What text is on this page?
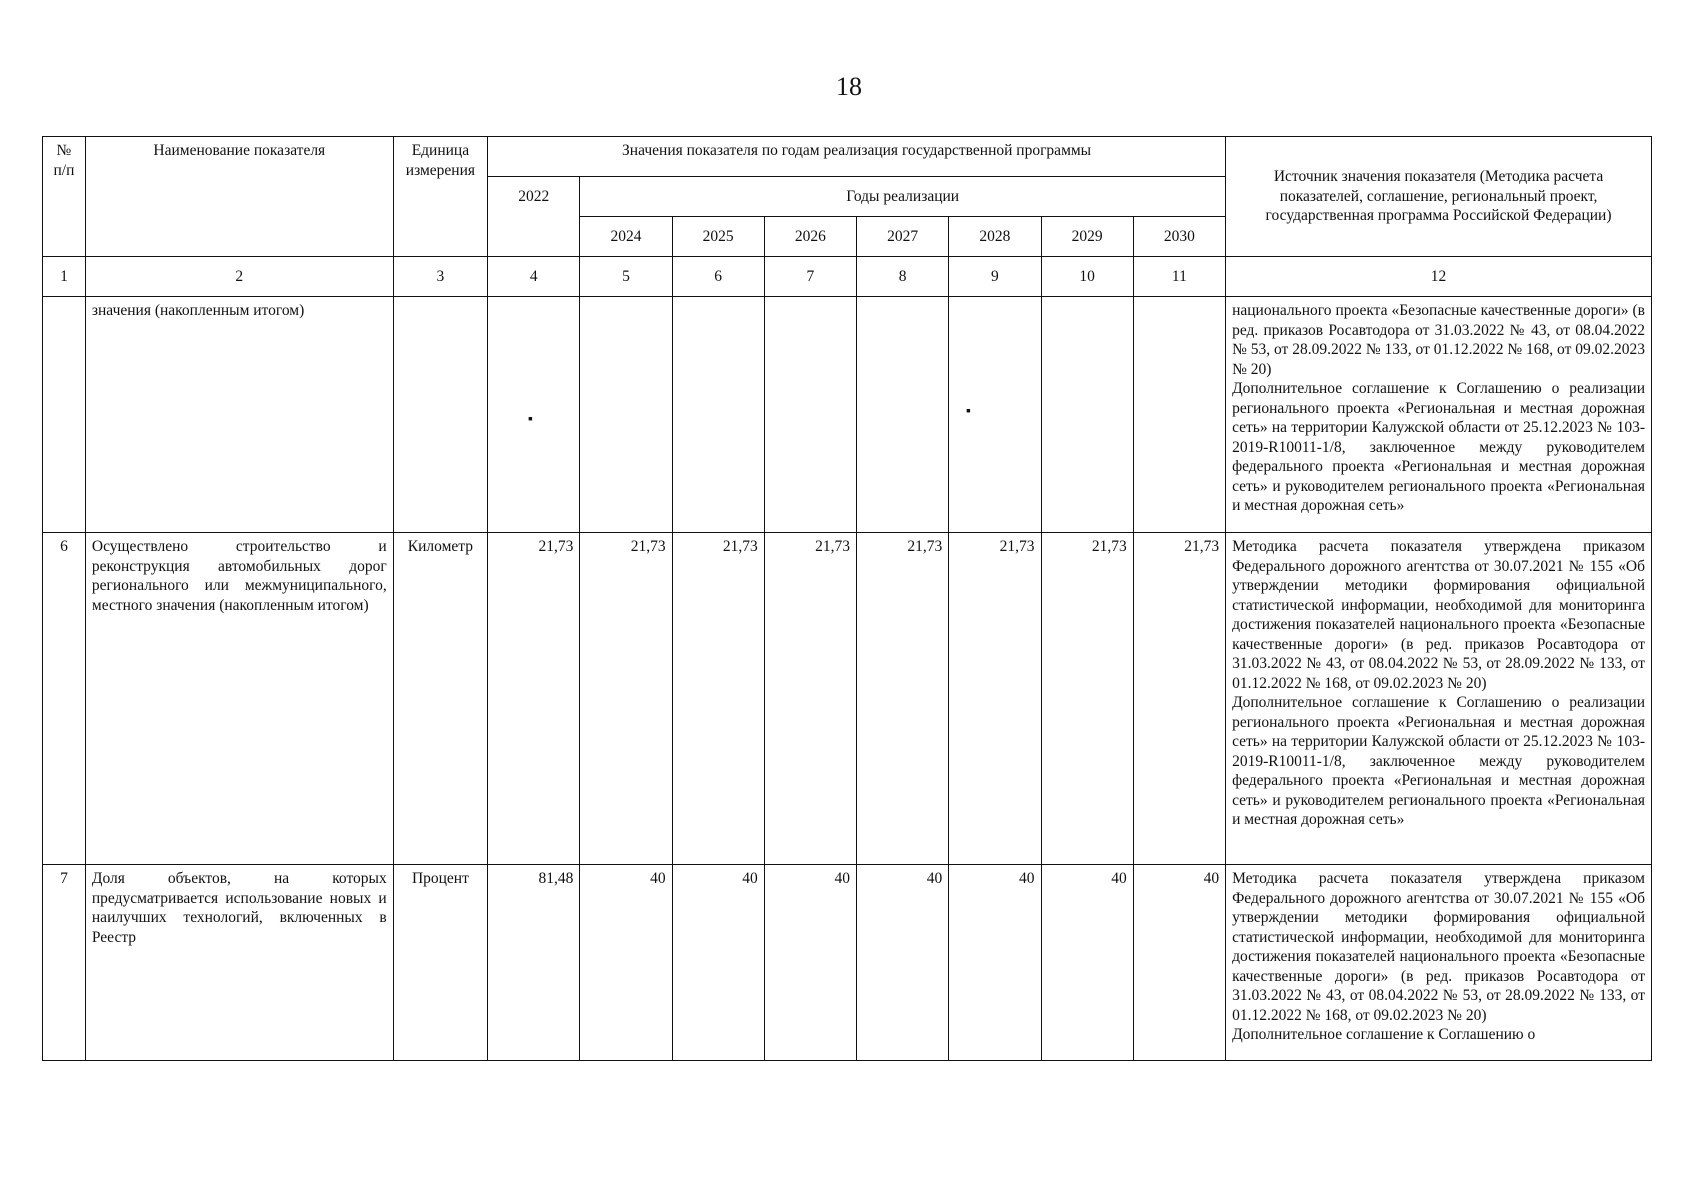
18
№ п/п	Наименование показателя	Единица измерения	Значения показателя по годам реализация государственной программы								Источник значения показателя (Методика расчета показателей, соглашение, региональный проект, государственная программа Российской Федерации)
			2022	Годы реализации							
				2024	2025	2026	2027	2028	2029	2030	
1	2	3	4	5	6	7	8	9	10	11	12
	значения (накопленным итогом)										национального проекта «Безопасные качественные дороги» (в ред. приказов Росавтодора от 31.03.2022 № 43, от 08.04.2022 № 53, от 28.09.2022 № 133, от 01.12.2022 № 168, от 09.02.2023 № 20)

Дополнительное соглашение к Соглашению о реализации регионального проекта «Региональная и местная дорожная сеть» на территории Калужской области от 25.12.2023 № 103-2019-R10011-1/8, заключенное между руководителем федерального проекта «Региональная и местная дорожная сеть» и руководителем регионального проекта «Региональная и местная дорожная сеть»

6	Осуществлено строительство и реконструкция автомобильных дорог регионального или межмуниципального, местного значения (накопленным итогом)	Километр	21,73	21,73	21,73	21,73	21,73	21,73	21,73	21,73	Методика расчета показателя утверждена приказом Федерального дорожного агентства от 30.07.2021 № 155 «Об утверждении методики формирования официальной статистической информации, необходимой для мониторинга достижения показателей национального проекта «Безопасные качественные дороги» (в ред. приказов Росавтодора от 31.03.2022 № 43, от 08.04.2022 № 53, от 28.09.2022 № 133, от 01.12.2022 № 168, от 09.02.2023 № 20)

Дополнительное соглашение к Соглашению о реализации регионального проекта «Региональная и местная дорожная сеть» на территории Калужской области от 25.12.2023 № 103-2019-R10011-1/8, заключенное между руководителем федерального проекта «Региональная и местная дорожная сеть» и руководителем регионального проекта «Региональная и местная дорожная сеть»

7	Доля объектов, на которых предусматривается использование новых и наилучших технологий, включенных в Реестр	Процент	81,48	40	40	40	40	40	40	40	Методика расчета показателя утверждена приказом Федерального дорожного агентства от 30.07.2021 № 155 «Об утверждении методики формирования официальной статистической информации, необходимой для мониторинга достижения показателей национального проекта «Безопасные качественные дороги» (в ред. приказов Росавтодора от 31.03.2022 № 43, от 08.04.2022 № 53, от 28.09.2022 № 133, от 01.12.2022 № 168, от 09.02.2023 № 20)

Дополнительное соглашение к Соглашению о

▪
▪
